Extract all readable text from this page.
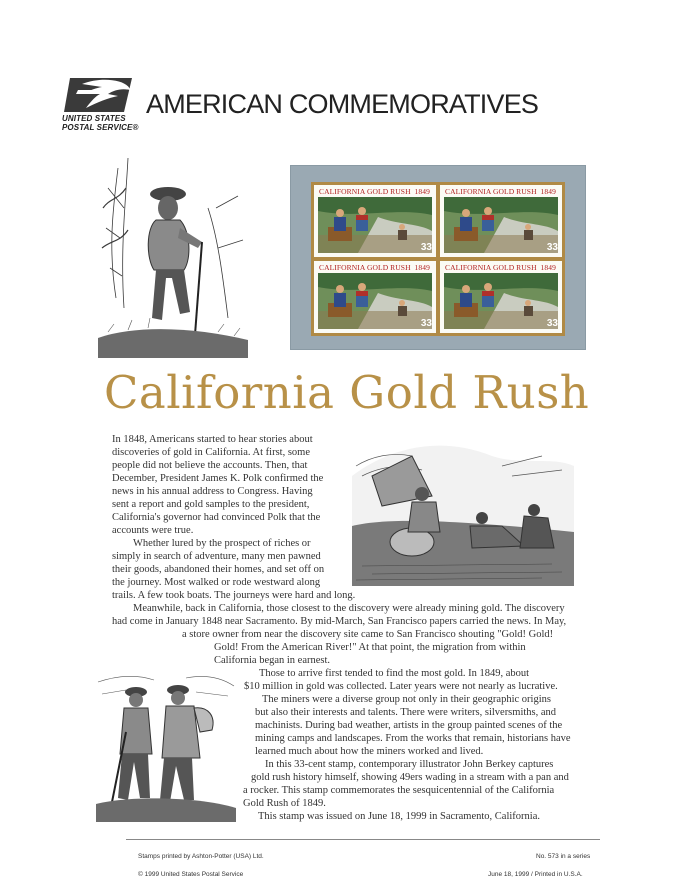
UNITED STATES
POSTAL SERVICE®
AMERICAN COMMEMORATIVES
CALIFORNIA GOLD RUSH 1849
33
CALIFORNIA GOLD RUSH 1849
33
CALIFORNIA GOLD RUSH 1849
33
CALIFORNIA GOLD RUSH 1849
33
California Gold Rush
In 1848, Americans started to hear stories about
discoveries of gold in California. At first, some
people did not believe the accounts. Then, that
December, President James K. Polk confirmed the
news in his annual address to Congress. Having
sent a report and gold samples to the president,
California's governor had convinced Polk that the
accounts were true.
Whether lured by the prospect of riches or
simply in search of adventure, many men pawned
their goods, abandoned their homes, and set off on
the journey. Most walked or rode westward along
trails. A few took boats. The journeys were hard and long.
Meanwhile, back in California, those closest to the discovery were already mining gold. The discovery
had come in January 1848 near Sacramento. By mid-March, San Francisco papers carried the news. In May,
a store owner from near the discovery site came to San Francisco shouting "Gold! Gold!
Gold! From the American River!" At that point, the migration from within
California began in earnest.
Those to arrive first tended to find the most gold. In 1849, about
$10 million in gold was collected. Later years were not nearly as lucrative.
The miners were a diverse group not only in their geographic origins
but also their interests and talents. There were writers, silversmiths, and
machinists. During bad weather, artists in the group painted scenes of the
mining camps and landscapes. From the works that remain, historians have
learned much about how the miners worked and lived.
In this 33-cent stamp, contemporary illustrator John Berkey captures
gold rush history himself, showing 49ers wading in a stream with a pan and
a rocker. This stamp commemorates the sesquicentennial of the California
Gold Rush of 1849.
This stamp was issued on June 18, 1999 in Sacramento, California.
Stamps printed by Ashton-Potter (USA) Ltd.	No. 573 in a series
© 1999 United States Postal Service	June 18, 1999 / Printed in U.S.A.
